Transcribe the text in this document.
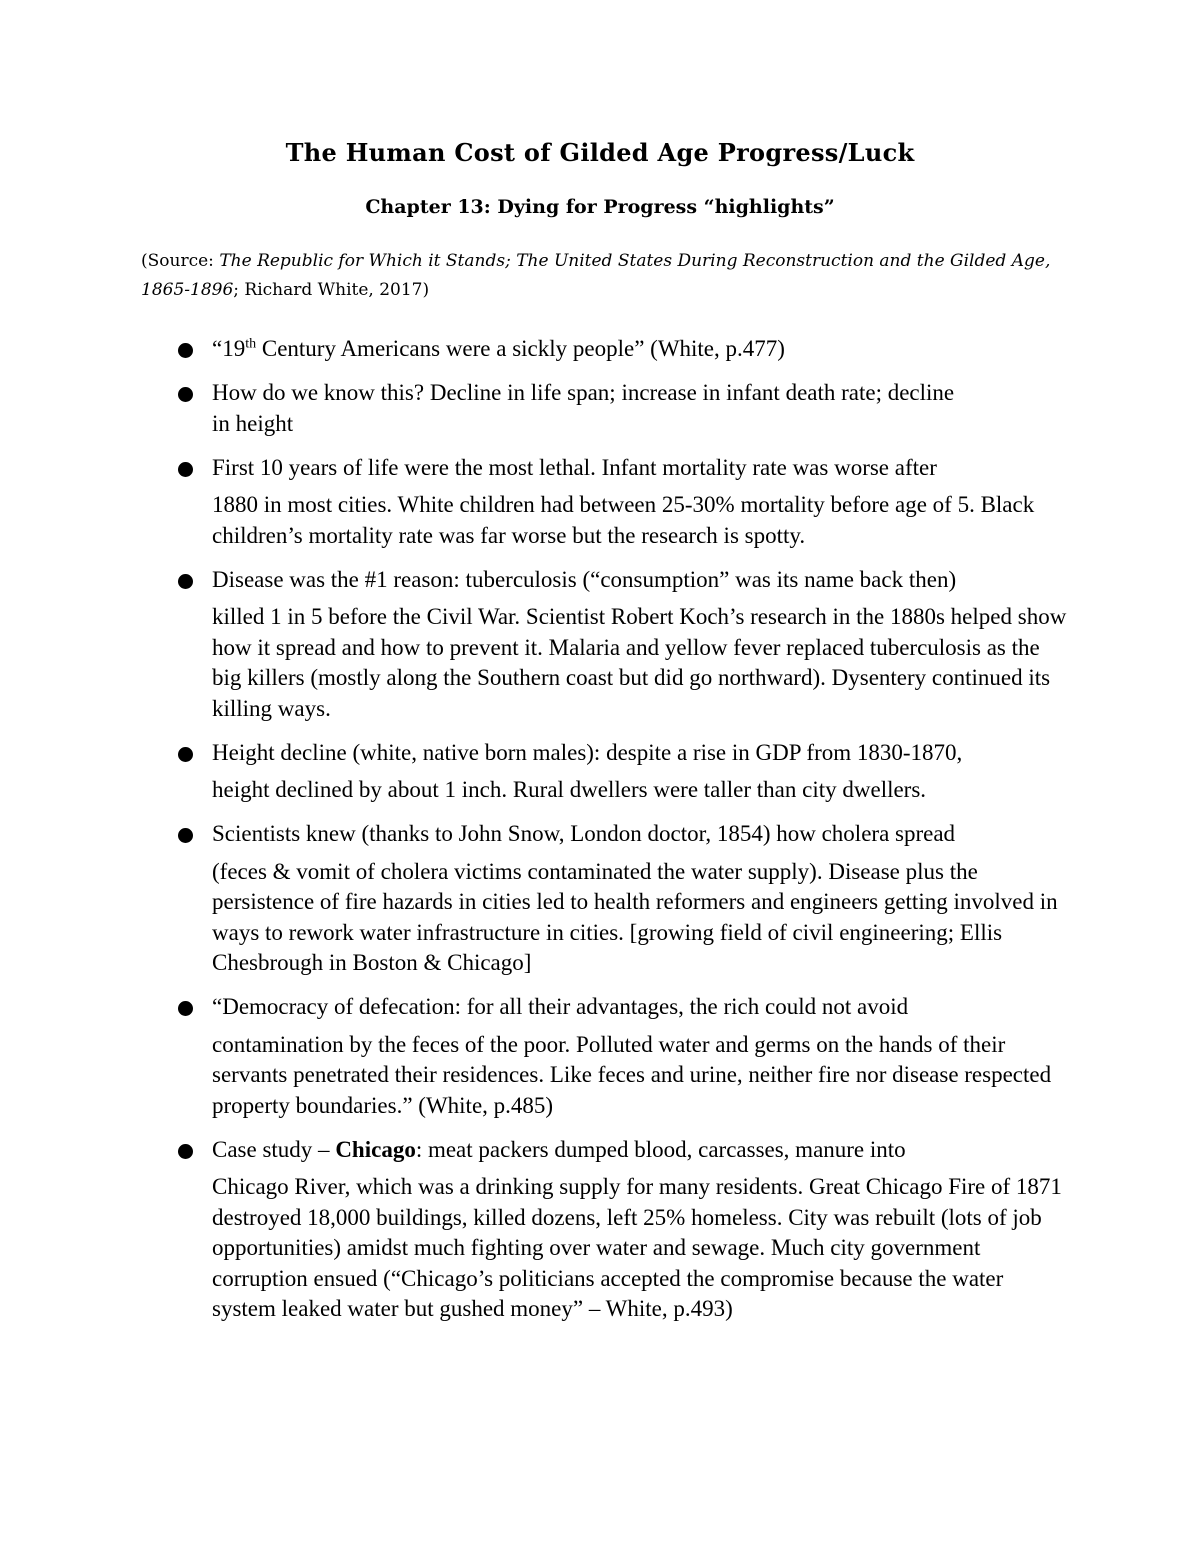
The Human Cost of Gilded Age Progress/Luck
Chapter 13: Dying for Progress “highlights”

(Source: The Republic for Which it Stands; The United States During Reconstruction and the Gilded Age, 1865-1896; Richard White, 2017)

“19th Century Americans were a sickly people” (White, p.477)
How do we know this? Decline in life span; increase in infant death rate; decline
in height
First 10 years of life were the most lethal. Infant mortality rate was worse after
1880 in most cities. White children had between 25-30% mortality before age of 5. Black children’s mortality rate was far worse but the research is spotty.
Disease was the #1 reason: tuberculosis (“consumption” was its name back then)
killed 1 in 5 before the Civil War. Scientist Robert Koch’s research in the 1880s helped show how it spread and how to prevent it. Malaria and yellow fever replaced tuberculosis as the big killers (mostly along the Southern coast but did go northward). Dysentery continued its killing ways.
Height decline (white, native born males): despite a rise in GDP from 1830-1870,
height declined by about 1 inch. Rural dwellers were taller than city dwellers.
Scientists knew (thanks to John Snow, London doctor, 1854) how cholera spread
(feces & vomit of cholera victims contaminated the water supply). Disease plus the persistence of fire hazards in cities led to health reformers and engineers getting involved in ways to rework water infrastructure in cities. [growing field of civil engineering; Ellis Chesbrough in Boston & Chicago]
“Democracy of defecation: for all their advantages, the rich could not avoid
contamination by the feces of the poor. Polluted water and germs on the hands of their servants penetrated their residences. Like feces and urine, neither fire nor disease respected property boundaries.” (White, p.485)
Case study – Chicago: meat packers dumped blood, carcasses, manure into
Chicago River, which was a drinking supply for many residents. Great Chicago Fire of 1871 destroyed 18,000 buildings, killed dozens, left 25% homeless. City was rebuilt (lots of job opportunities) amidst much fighting over water and sewage. Much city government corruption ensued (“Chicago’s politicians accepted the compromise because the water system leaked water but gushed money” – White, p.493)
